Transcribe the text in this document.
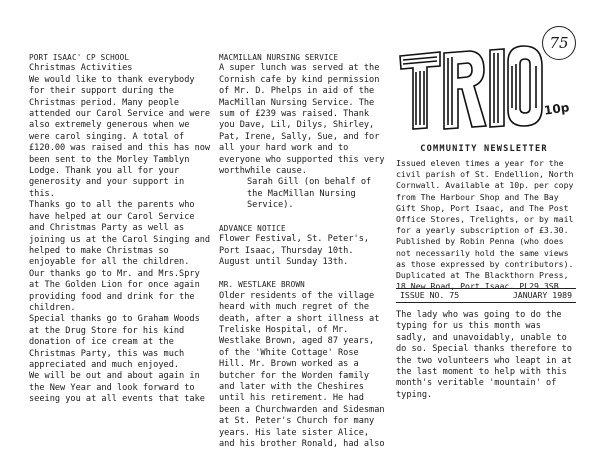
PORT ISAAC' CP SCHOOL

Christmas Activities

We would like to thank everybody for their support during the Christmas period. Many people attended our Carol Service and were also extremely generous when we were carol singing. A total of £120.00 was raised and this has now been sent to the Morley Tamblyn Lodge. Thank you all for your generosity and your support in this.

Thanks go to all the parents who have helped at our Carol Service and Christmas Party as well as joining us at the Carol Singing and helped to make Christmas so enjoyable for all the children.

Our thanks go to Mr. and Mrs.Spry at The Golden Lion for once again providing food and drink for the children.

Special thanks go to Graham Woods at the Drug Store for his kind donation of ice cream at the Christmas Party, this was much appreciated and much enjoyed.

We will be out and about again in the New Year and look forward to seeing you at all events that take

MACMILLAN NURSING SERVICE

A super lunch was served at the Cornish cafe by kind permission of Mr. D. Phelps in aid of the MacMillan Nursing Service. The sum of £239 was raised. Thank you Dave, Lil, Dilys, Shirley, Pat, Irene, Sally, Sue, and for all your hard work and to everyone who supported this very worthwhile cause.

Sarah Gill (on behalf of the MacMillan Nursing Service).

ADVANCE NOTICE

Flower Festival, St. Peter's, Port Isaac, Thursday 10th. August until Sunday 13th.

MR. WESTLAKE BROWN

Older residents of the village heard with much regret of the death, after a short illness at Treliske Hospital, of Mr. Westlake Brown, aged 87 years, of the 'White Cottage' Rose Hill. Mr. Brown worked as a butcher for the Worden family and later with the Cheshires until his retirement. He had been a Churchwarden and Sidesman at St. Peter's Church for many years. His late sister Alice, and his brother Ronald, had also

75
10p
COMMUNITY NEWSLETTER
Issued eleven times a year for the civil parish of St. Endellion, North Cornwall. Available at 10p. per copy from The Harbour Shop and The Bay Gift Shop, Port Isaac, and The Post Office Stores, Trelights, or by mail for a yearly subscription of £3.30. Published by Robin Penna (who does not necessarily hold the same views as those expressed by contributors). Duplicated at The Blackthorn Press, 18 New Road, Port Isaac. PL29 3SB
ISSUE NO. 75	JANUARY 1989
The lady who was going to do the typing for us this month was sadly, and unavoidably, unable to do so. Special thanks therefore to the two volunteers who leapt in at the last moment to help with this month's veritable 'mountain' of typing.
